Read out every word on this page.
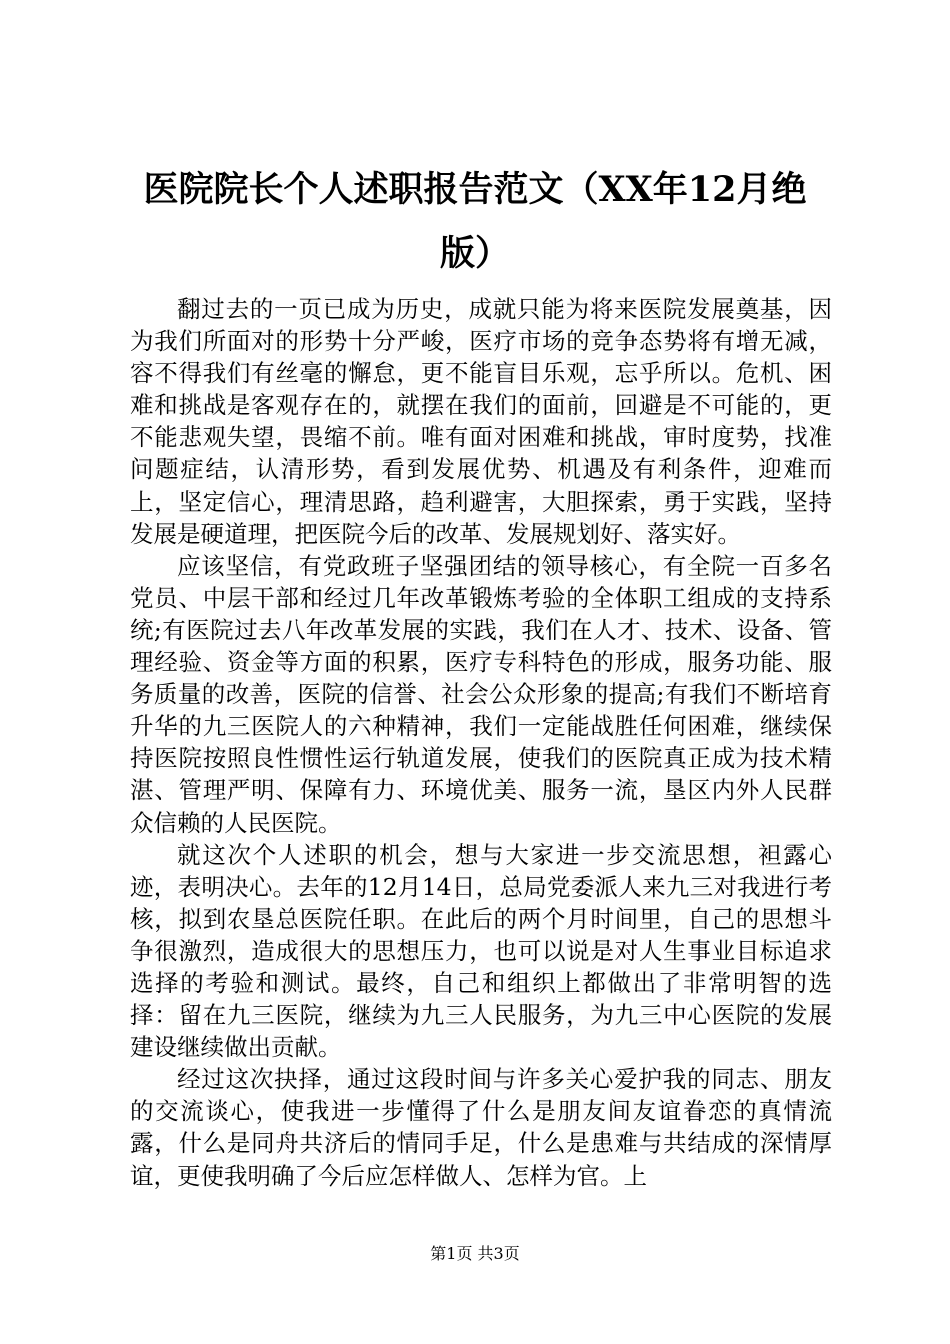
医院院长个人述职报告范文（XX年12月绝版）

翻过去的一页已成为历史，成就只能为将来医院发展奠基，因为我们所面对的形势十分严峻，医疗市场的竞争态势将有增无减，容不得我们有丝毫的懈怠，更不能盲目乐观，忘乎所以。危机、困难和挑战是客观存在的，就摆在我们的面前，回避是不可能的，更不能悲观失望，畏缩不前。唯有面对困难和挑战，审时度势，找准问题症结，认清形势，看到发展优势、机遇及有利条件，迎难而上，坚定信心，理清思路，趋利避害，大胆探索，勇于实践，坚持发展是硬道理，把医院今后的改革、发展规划好、落实好。

应该坚信，有党政班子坚强团结的领导核心，有全院一百多名党员、中层干部和经过几年改革锻炼考验的全体职工组成的支持系统;有医院过去八年改革发展的实践，我们在人才、技术、设备、管理经验、资金等方面的积累，医疗专科特色的形成，服务功能、服务质量的改善，医院的信誉、社会公众形象的提高;有我们不断培育升华的九三医院人的六种精神，我们一定能战胜任何困难，继续保持医院按照良性惯性运行轨道发展，使我们的医院真正成为技术精湛、管理严明、保障有力、环境优美、服务一流，垦区内外人民群众信赖的人民医院。

就这次个人述职的机会，想与大家进一步交流思想，袒露心迹，表明决心。去年的12月14日，总局党委派人来九三对我进行考核，拟到农垦总医院任职。在此后的两个月时间里，自己的思想斗争很激烈，造成很大的思想压力，也可以说是对人生事业目标追求选择的考验和测试。最终，自己和组织上都做出了非常明智的选择：留在九三医院，继续为九三人民服务，为九三中心医院的发展建设继续做出贡献。

经过这次抉择，通过这段时间与许多关心爱护我的同志、朋友的交流谈心，使我进一步懂得了什么是朋友间友谊眷恋的真情流露，什么是同舟共济后的情同手足，什么是患难与共结成的深情厚谊，更使我明确了今后应怎样做人、怎样为官。上

第1页 共3页
